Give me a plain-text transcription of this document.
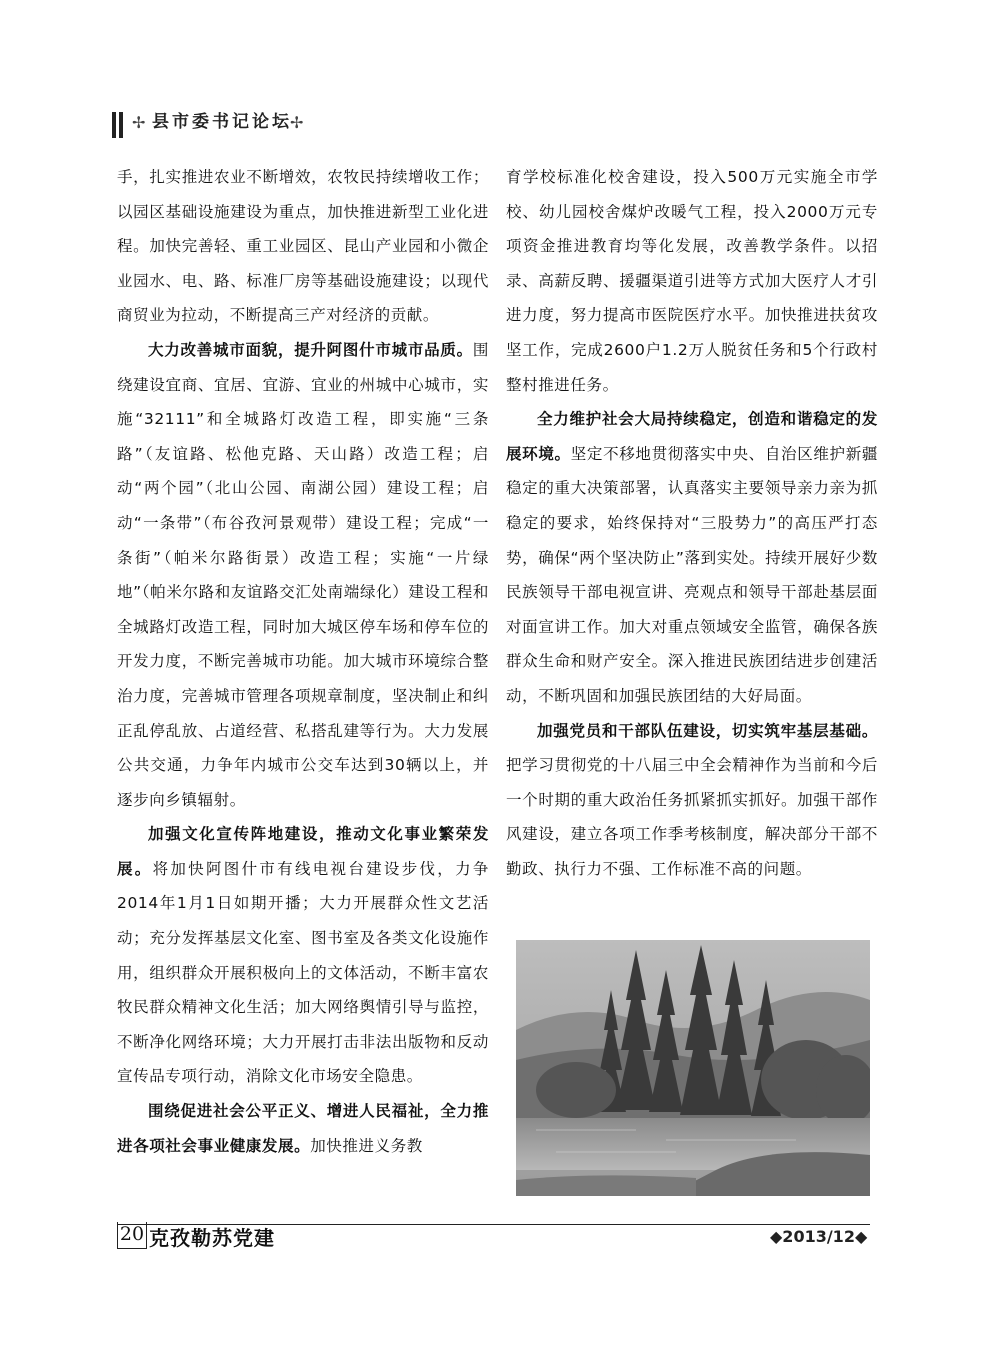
✢ 县市委书记论坛
✢

手，扎实推进农业不断增效，农牧民持续增收工作；以园区基础设施建设为重点，加快推进新型工业化进程。加快完善轻、重工业园区、昆山产业园和小微企业园水、电、路、标准厂房等基础设施建设；以现代商贸业为拉动，不断提高三产对经济的贡献。

大力改善城市面貌，提升阿图什市城市品质。围绕建设宜商、宜居、宜游、宜业的州城中心城市，实施“32111”和全城路灯改造工程，即实施“三条路”（友谊路、松他克路、天山路）改造工程；启动“两个园”（北山公园、南湖公园）建设工程；启动“一条带”（布谷孜河景观带）建设工程；完成“一条街”（帕米尔路街景）改造工程；实施“一片绿地”（帕米尔路和友谊路交汇处南端绿化）建设工程和全城路灯改造工程，同时加大城区停车场和停车位的开发力度，不断完善城市功能。加大城市环境综合整治力度，完善城市管理各项规章制度，坚决制止和纠正乱停乱放、占道经营、私搭乱建等行为。大力发展公共交通，力争年内城市公交车达到30辆以上，并逐步向乡镇辐射。

加强文化宣传阵地建设，推动文化事业繁荣发展。将加快阿图什市有线电视台建设步伐，力争2014年1月1日如期开播；大力开展群众性文艺活动；充分发挥基层文化室、图书室及各类文化设施作用，组织群众开展积极向上的文体活动，不断丰富农牧民群众精神文化生活；加大网络舆情引导与监控，不断净化网络环境；大力开展打击非法出版物和反动宣传品专项行动，消除文化市场安全隐患。

围绕促进社会公平正义、增进人民福祉，全力推进各项社会事业健康发展。加快推进义务教

育学校标准化校舍建设，投入500万元实施全市学校、幼儿园校舍煤炉改暖气工程，投入2000万元专项资金推进教育均等化发展，改善教学条件。以招录、高薪反聘、援疆渠道引进等方式加大医疗人才引进力度，努力提高市医院医疗水平。加快推进扶贫攻坚工作，完成2600户1.2万人脱贫任务和5个行政村整村推进任务。

全力维护社会大局持续稳定，创造和谐稳定的发展环境。坚定不移地贯彻落实中央、自治区维护新疆稳定的重大决策部署，认真落实主要领导亲力亲为抓稳定的要求，始终保持对“三股势力”的高压严打态势，确保“两个坚决防止”落到实处。持续开展好少数民族领导干部电视宣讲、亮观点和领导干部赴基层面对面宣讲工作。加大对重点领域安全监管，确保各族群众生命和财产安全。深入推进民族团结进步创建活动，不断巩固和加强民族团结的大好局面。

加强党员和干部队伍建设，切实筑牢基层基础。把学习贯彻党的十八届三中全会精神作为当前和今后一个时期的重大政治任务抓紧抓实抓好。加强干部作风建设，建立各项工作季考核制度，解决部分干部不勤政、执行力不强、工作标准不高的问题。

20 克孜勒苏党建	◆2013/12◆
